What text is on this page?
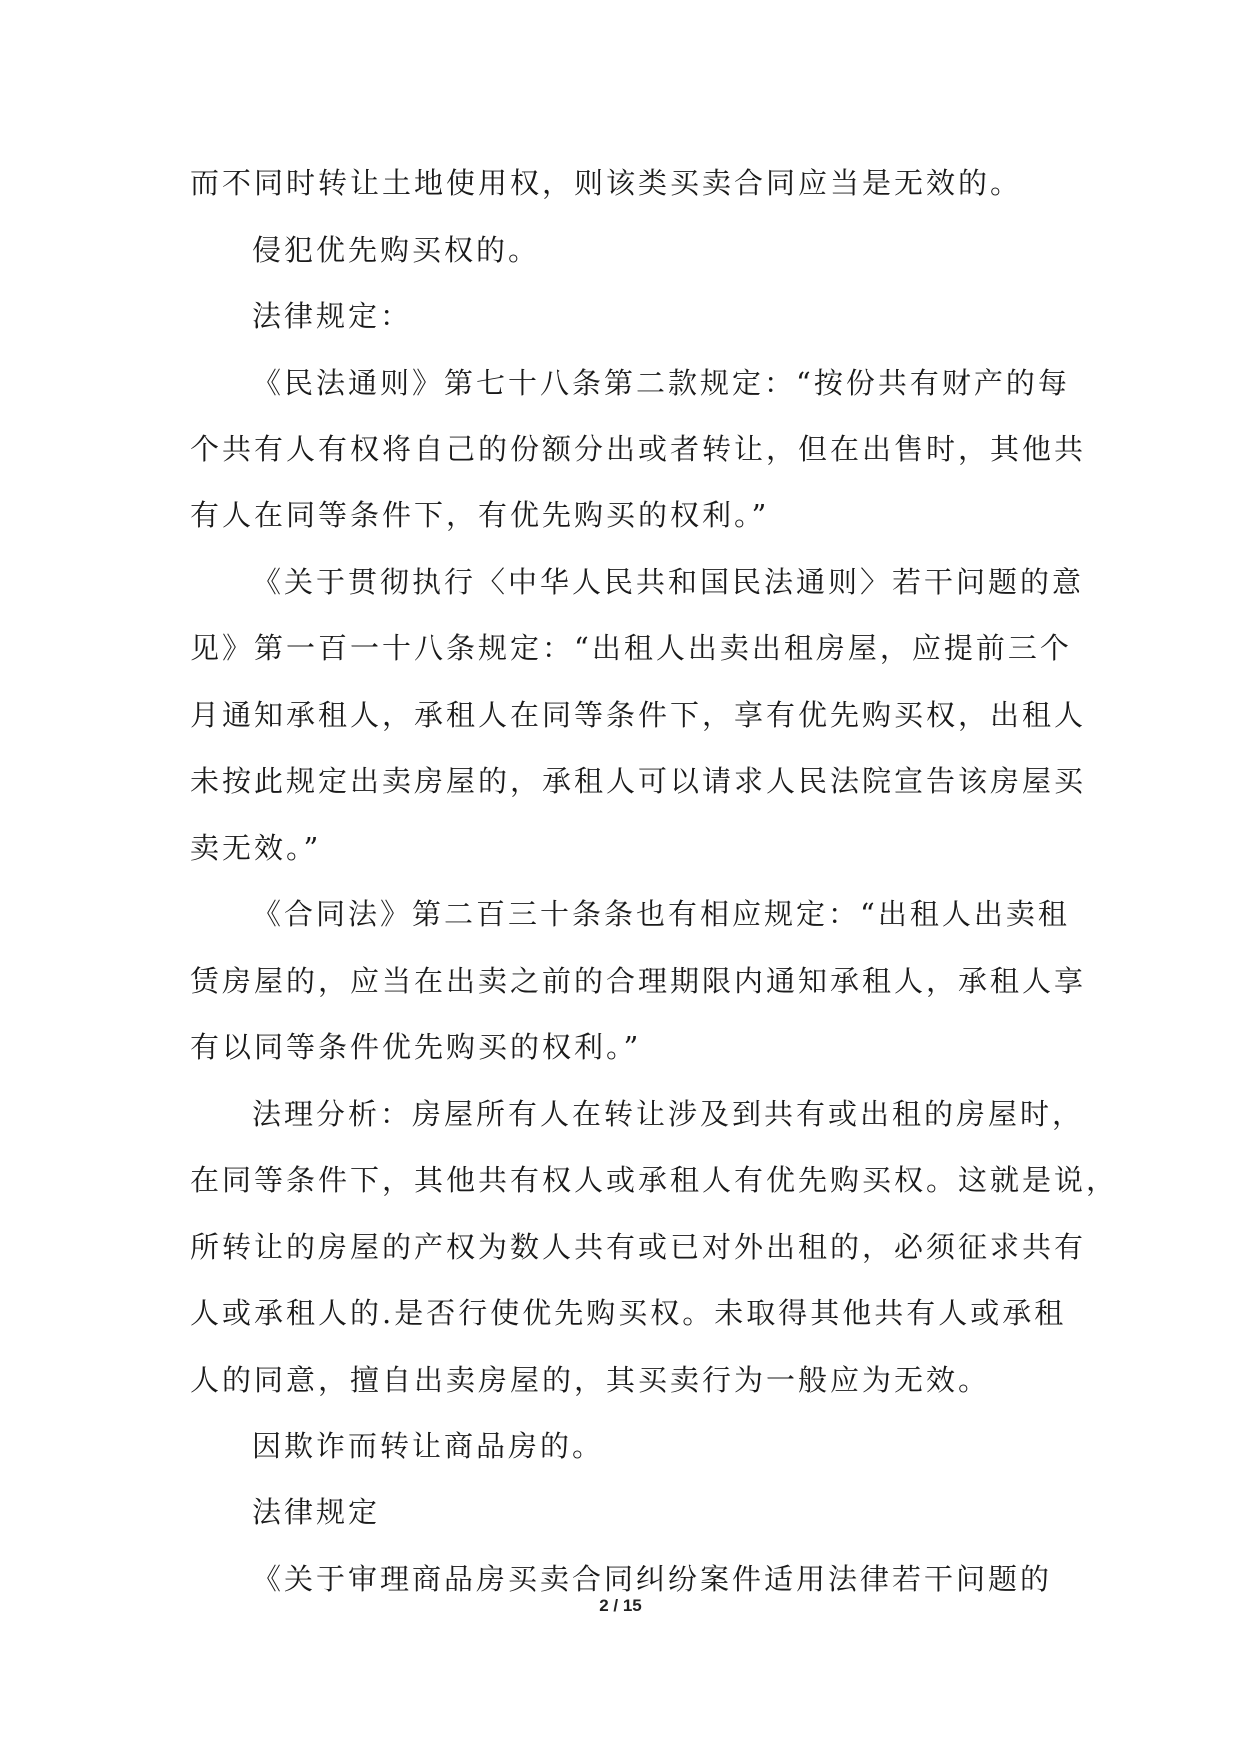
而不同时转让土地使用权，则该类买卖合同应当是无效的。
侵犯优先购买权的。
法律规定：
《民法通则》第七十八条第二款规定：“按份共有财产的每
个共有人有权将自己的份额分出或者转让，但在出售时，其他共
有人在同等条件下，有优先购买的权利。”
《关于贯彻执行〈中华人民共和国民法通则〉若干问题的意
见》第一百一十八条规定：“出租人出卖出租房屋，应提前三个
月通知承租人，承租人在同等条件下，享有优先购买权，出租人
未按此规定出卖房屋的，承租人可以请求人民法院宣告该房屋买
卖无效。”
《合同法》第二百三十条条也有相应规定：“出租人出卖租
赁房屋的，应当在出卖之前的合理期限内通知承租人，承租人享
有以同等条件优先购买的权利。”
法理分析：房屋所有人在转让涉及到共有或出租的房屋时，
在同等条件下，其他共有权人或承租人有优先购买权。这就是说，
所转让的房屋的产权为数人共有或已对外出租的，必须征求共有
人或承租人的.是否行使优先购买权。未取得其他共有人或承租
人的同意，擅自出卖房屋的，其买卖行为一般应为无效。
因欺诈而转让商品房的。
法律规定
《关于审理商品房买卖合同纠纷案件适用法律若干问题的
2 / 15
